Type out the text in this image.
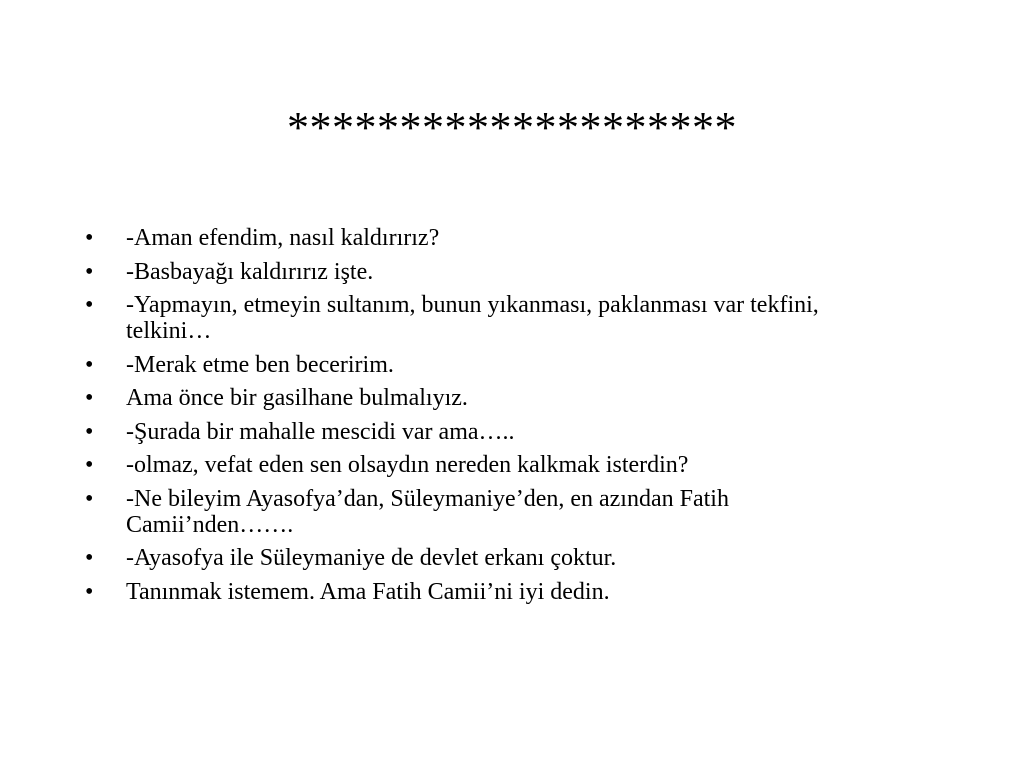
********************
•	-Aman efendim, nasıl kaldırırız?
•	-Basbayağı kaldırırız işte.
•	-Yapmayın, etmeyin sultanım, bunun yıkanması, paklanması var tekfini, telkini…
•	-Merak etme ben beceririm.
•	Ama önce bir gasilhane bulmalıyız.
•	-Şurada bir mahalle mescidi var ama…..
•	-olmaz, vefat eden sen olsaydın nereden kalkmak isterdin?
•	-Ne bileyim Ayasofya’dan, Süleymaniye’den, en azından Fatih Camii’nden…….
•	-Ayasofya ile Süleymaniye de devlet erkanı çoktur.
•	Tanınmak istemem. Ama Fatih Camii’ni iyi dedin.
